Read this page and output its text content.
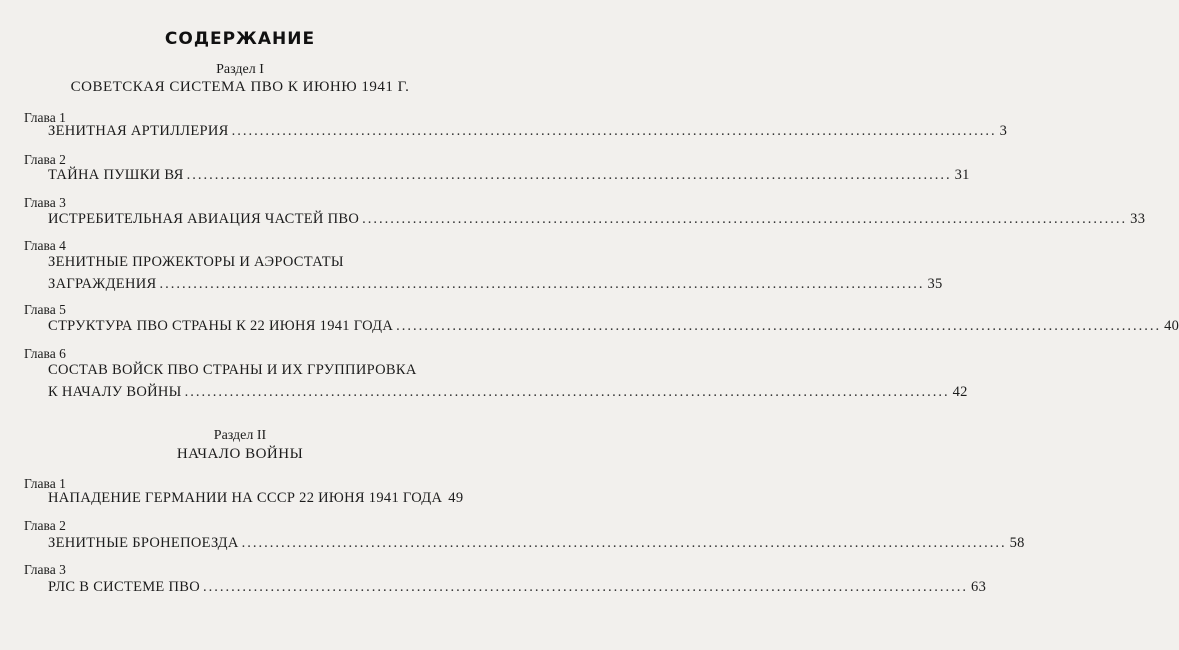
СОДЕРЖАНИЕ
Раздел I
СОВЕТСКАЯ СИСТЕМА ПВО К ИЮНЮ 1941 Г.
Глава 1
ЗЕНИТНАЯ АРТИЛЛЕРИЯ ........................................................................................................................................ 3
Глава 2
ТАЙНА ПУШКИ ВЯ ........................................................................................................................................ 31
Глава 3
ИСТРЕБИТЕЛЬНАЯ АВИАЦИЯ ЧАСТЕЙ ПВО ........................................................................................................................................ 33
Глава 4
ЗЕНИТНЫЕ ПРОЖЕКТОРЫ И АЭРОСТАТЫ
ЗАГРАЖДЕНИЯ ........................................................................................................................................ 35
Глава 5
СТРУКТУРА ПВО СТРАНЫ К 22 ИЮНЯ 1941 ГОДА ........................................................................................................................................ 40
Глава 6
СОСТАВ ВОЙСК ПВО СТРАНЫ И ИХ ГРУППИРОВКА
К НАЧАЛУ ВОЙНЫ ........................................................................................................................................ 42
Раздел II
НАЧАЛО ВОЙНЫ
Глава 1
НАПАДЕНИЕ ГЕРМАНИИ НА СССР 22 ИЮНЯ 1941 ГОДА 49
Глава 2
ЗЕНИТНЫЕ БРОНЕПОЕЗДА ........................................................................................................................................ 58
Глава 3
РЛС В СИСТЕМЕ ПВО ........................................................................................................................................ 63
